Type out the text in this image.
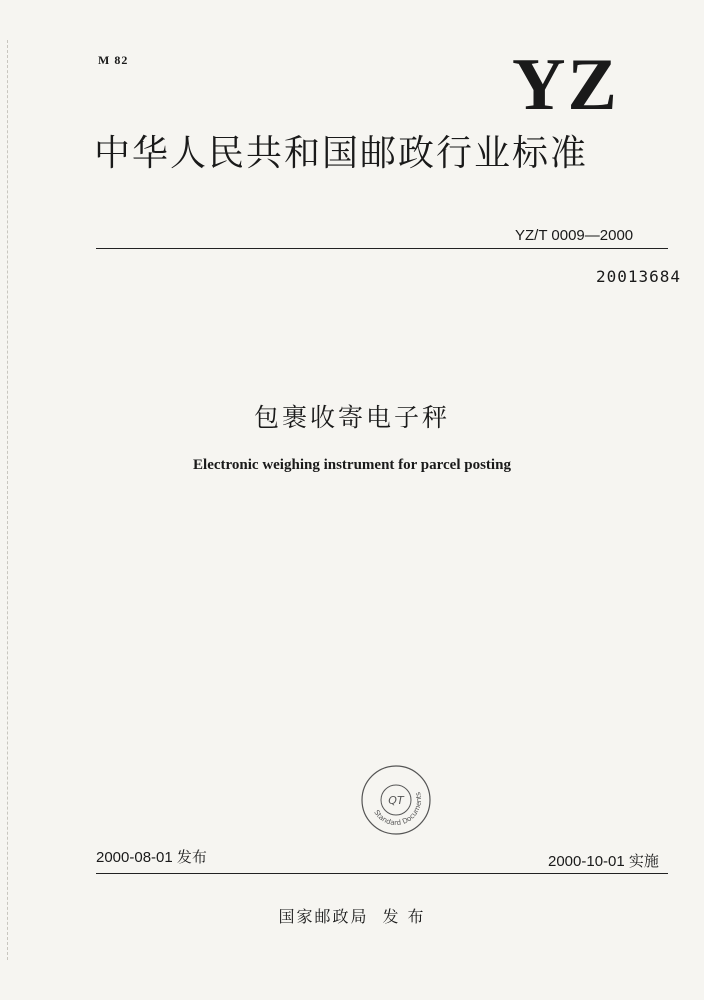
M 82	YZ
中华人民共和国邮政行业标准
YZ/T 0009—2000
20013684
包裹收寄电子秤
Electronic weighing instrument for parcel posting
Standard Documents
QT
2000-08-01 发布	2000-10-01 实施
国家邮政局 发 布
